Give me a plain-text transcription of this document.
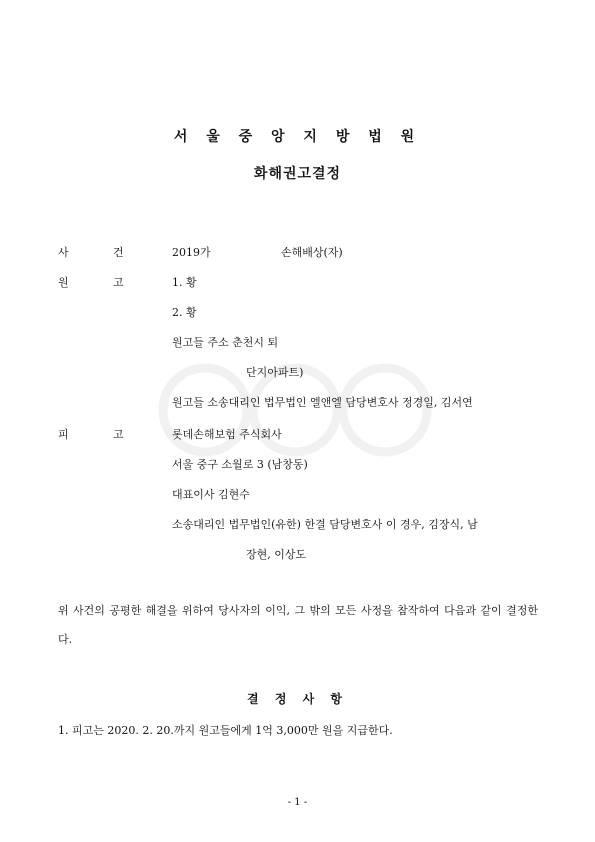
서 울 중 앙 지 방 법 원
화해권고결정
사	건	2019가	손해배상(자)
원	고	1. 황
2. 황
원고들 주소 춘천시 퇴
단지아파트)
원고들 소송대리인 법무법인 엘앤엘 담당변호사 정경일, 김서연
피	고	롯데손해보험 주식회사
서울 중구 소월로 3 (남창동)
대표이사 김현수
소송대리인 법무법인(유한) 한결 담당변호사 이 경우, 김장식, 남
장현, 이상도
위 사건의 공평한 해결을 위하여 당사자의 이익, 그 밖의 모든 사정을 참작하여 다음과 같이 결정한다.
결 정 사 항
1. 피고는 2020. 2. 20.까지 원고들에게 1억 3,000만 원을 지급한다.
- 1 -
